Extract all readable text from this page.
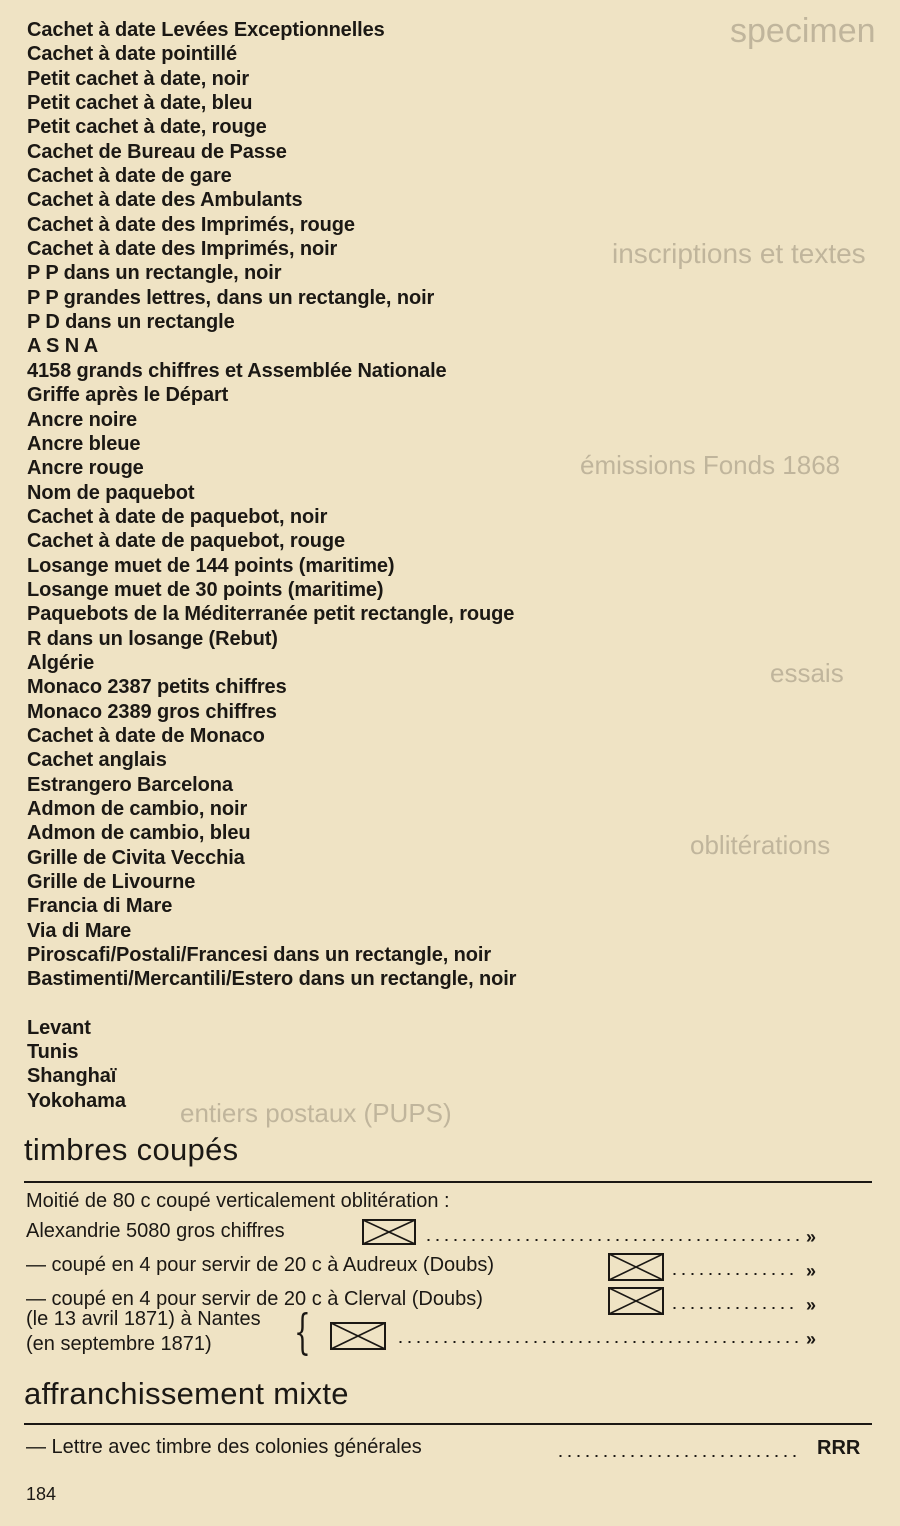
specimen
inscriptions et textes
émissions Fonds 1868
essais
oblitérations
entiers postaux (PUPS)
Cachet à date Levées Exceptionnelles
Cachet à date pointillé
Petit cachet à date, noir
Petit cachet à date, bleu
Petit cachet à date, rouge
Cachet de Bureau de Passe
Cachet à date de gare
Cachet à date des Ambulants
Cachet à date des Imprimés, rouge
Cachet à date des Imprimés, noir
P P dans un rectangle, noir
P P grandes lettres, dans un rectangle, noir
P D dans un rectangle
A S N A
4158 grands chiffres et Assemblée Nationale
Griffe après le Départ
Ancre noire
Ancre bleue
Ancre rouge
Nom de paquebot
Cachet à date de paquebot, noir
Cachet à date de paquebot, rouge
Losange muet de 144 points (maritime)
Losange muet de 30 points (maritime)
Paquebots de la Méditerranée petit rectangle, rouge
R dans un losange (Rebut)
Algérie
Monaco 2387 petits chiffres
Monaco 2389 gros chiffres
Cachet à date de Monaco
Cachet anglais
Estrangero Barcelona
Admon de cambio, noir
Admon de cambio, bleu
Grille de Civita Vecchia
Grille de Livourne
Francia di Mare
Via di Mare
Piroscafi/Postali/Francesi dans un rectangle, noir
Bastimenti/Mercantili/Estero dans un rectangle, noir
Levant
Tunis
Shanghaï
Yokohama
timbres coupés
Moitié de 80 c coupé verticalement oblitération :
Alexandrie 5080 gros chiffres	»
— coupé en 4 pour servir de 20 c à Audreux (Doubs)	»
— coupé en 4 pour servir de 20 c à Clerval (Doubs)	»
(le 13 avril 1871) à Nantes
(en septembre 1871) {	»
affranchissement mixte
— Lettre avec timbre des colonies générales	RRR
184
